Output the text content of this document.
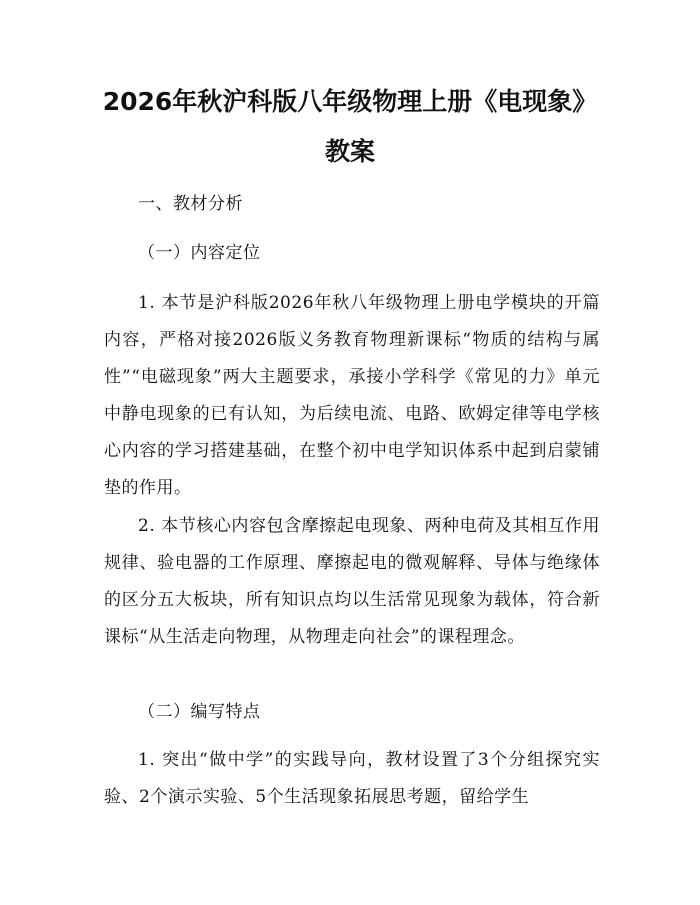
2026年秋沪科版八年级物理上册《电现象》
教案
一、教材分析
（一）内容定位
1. 本节是沪科版2026年秋八年级物理上册电学模块的开篇内容，严格对接2026版义务教育物理新课标“物质的结构与属性”“电磁现象”两大主题要求，承接小学科学《常见的力》单元中静电现象的已有认知，为后续电流、电路、欧姆定律等电学核心内容的学习搭建基础，在整个初中电学知识体系中起到启蒙铺垫的作用。
2. 本节核心内容包含摩擦起电现象、两种电荷及其相互作用规律、验电器的工作原理、摩擦起电的微观解释、导体与绝缘体的区分五大板块，所有知识点均以生活常见现象为载体，符合新课标“从生活走向物理，从物理走向社会”的课程理念。
（二）编写特点
1. 突出“做中学”的实践导向，教材设置了3个分组探究实验、2个演示实验、5个生活现象拓展思考题，留给学生
